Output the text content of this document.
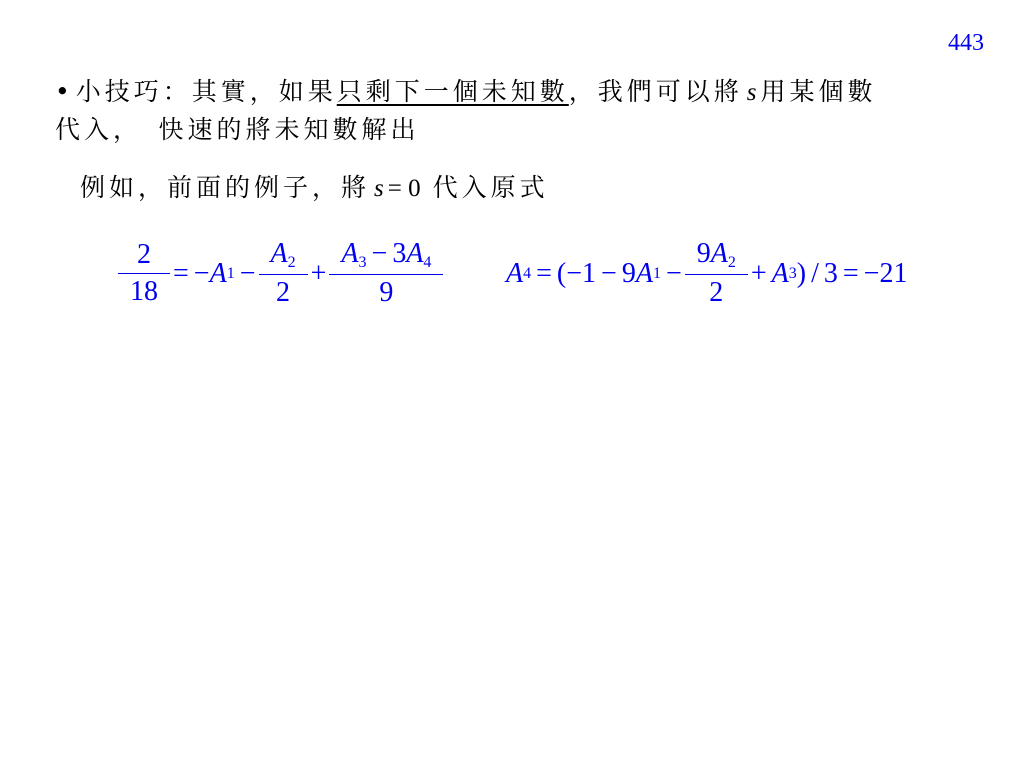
443
• 小技巧：其實，如果只剩下一個未知數，我們可以將 s 用某個數
代入，　快速的將未知數解出
例如，前面的例子，將 s = 0 代入原式
$\frac{2}{18}$ = − A $1 - \frac{A_2}{2} + \frac{A_3 - 3A_4}{9}$ A 4 = (−1 − 9 A $1 - \frac{9A_2}{2} + A$ 3 ) / 3 = −21
